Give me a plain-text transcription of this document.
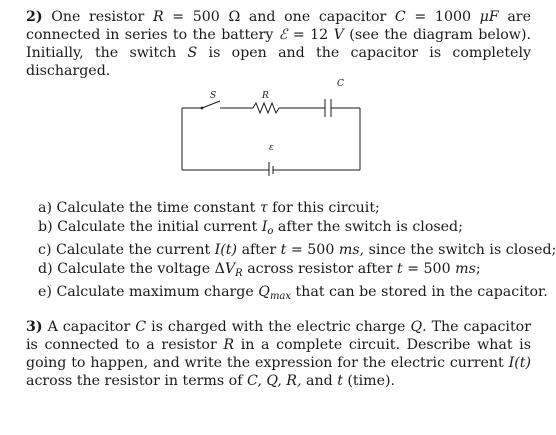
2) One resistor R = 500 Ω and one capacitor C = 1000 μF are connected in series to the battery ℰ = 12 V (see the diagram below). Initially, the switch S is open and the capacitor is completely discharged.
S	R
C
ε
a) Calculate the time constant τ for this circuit;
b) Calculate the initial current $I_o$ after the switch is closed;
c) Calculate the current I(t) after t = 500 ms, since the switch is closed;
d) Calculate the voltage $\Delta V_R$ across resistor after t = 500 ms;
e) Calculate maximum charge $Q_{max}$ that can be stored in the capacitor.
3) A capacitor C is charged with the electric charge Q. The capacitor is connected to a resistor R in a complete circuit. Describe what is going to happen, and write the expression for the electric current I(t) across the resistor in terms of C, Q, R, and t (time).
